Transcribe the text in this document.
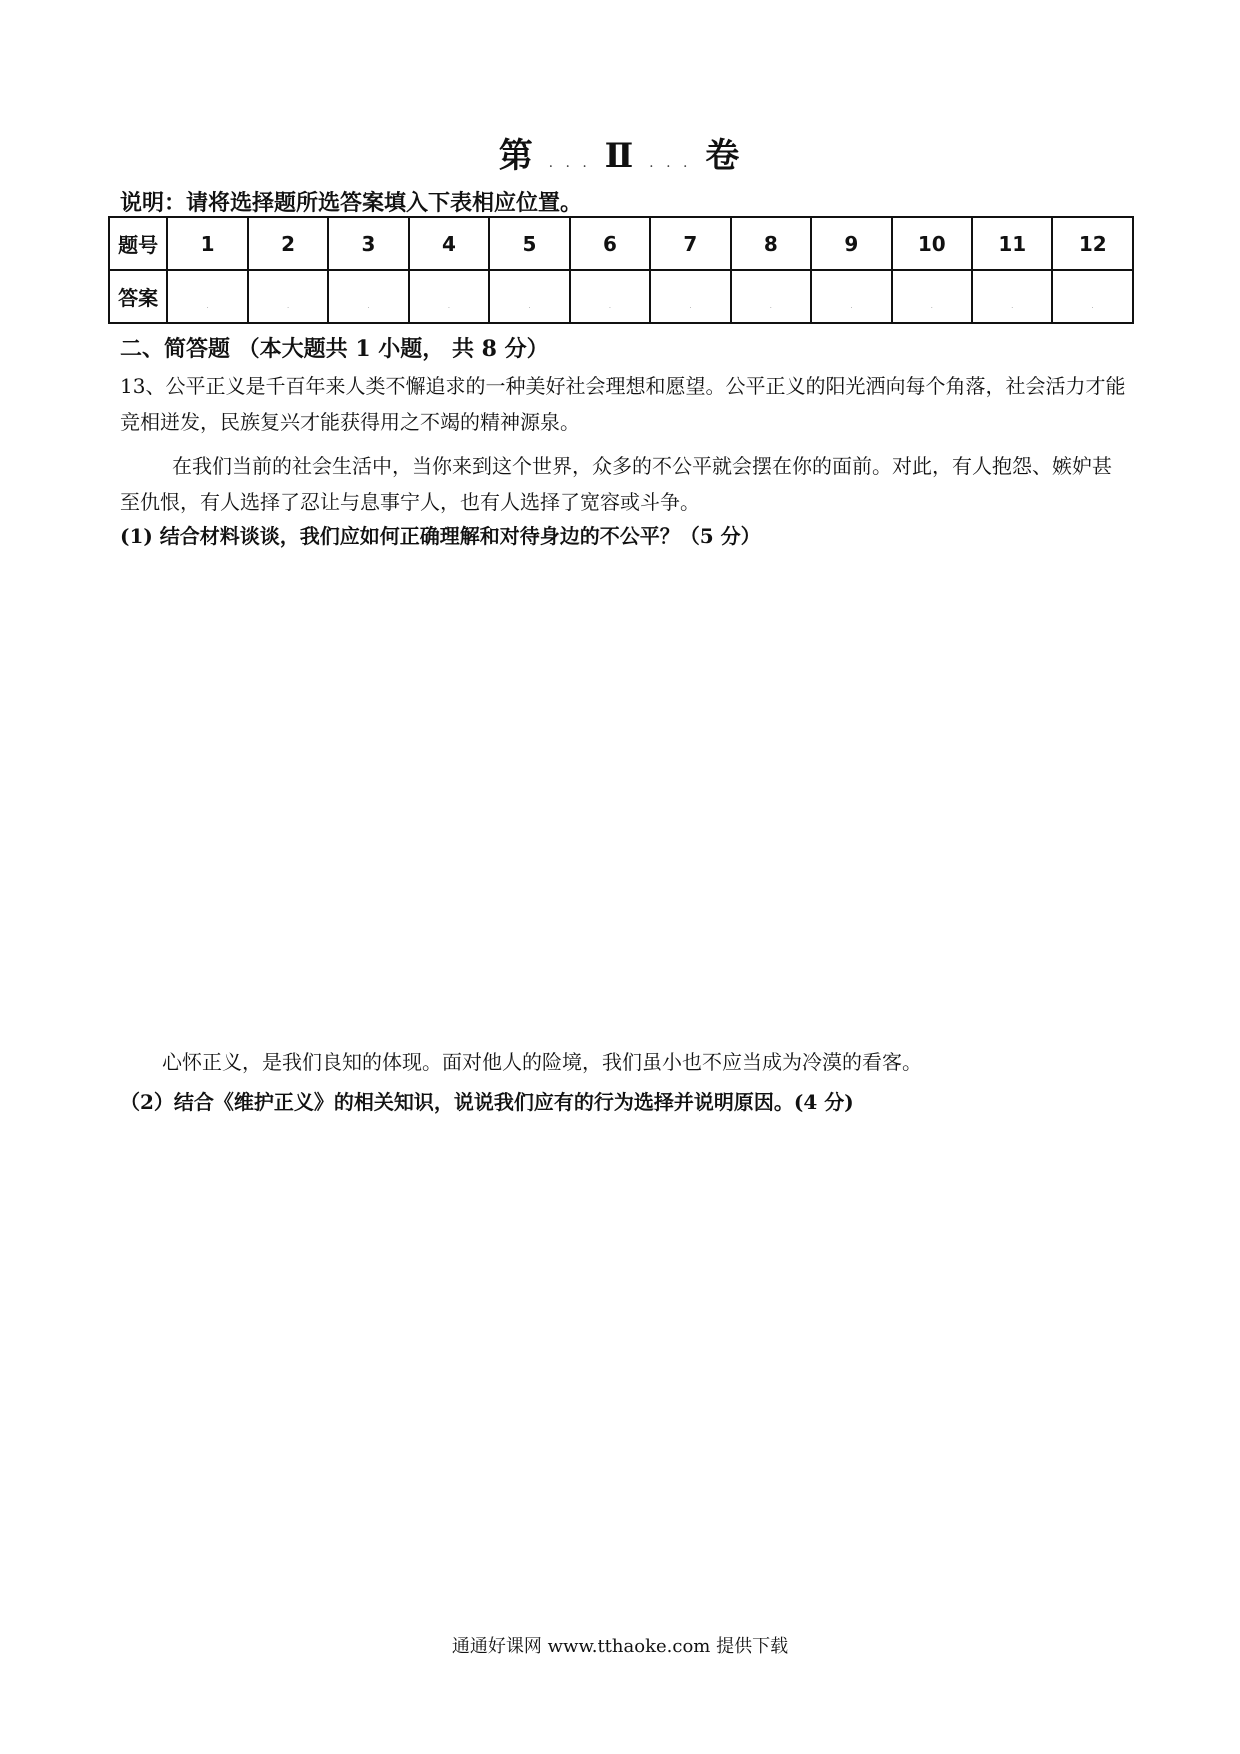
第 . . . Ⅱ . . . 卷
说明：请将选择题所选答案填入下表相应位置。
题号	1	2	3	4	5	6	7	8	9	10	11	12
答案	.	.	.	.	.	.	.	.	.	.	.	.
二、简答题 （本大题共 1 小题， 共 8 分）
13、公平正义是千百年来人类不懈追求的一种美好社会理想和愿望。公平正义的阳光洒向每个角落，社会活力才能竞相迸发，民族复兴才能获得用之不竭的精神源泉。
在我们当前的社会生活中，当你来到这个世界，众多的不公平就会摆在你的面前。对此，有人抱怨、嫉妒甚至仇恨，有人选择了忍让与息事宁人，也有人选择了宽容或斗争。
(1) 结合材料谈谈，我们应如何正确理解和对待身边的不公平？（5 分）
心怀正义，是我们良知的体现。面对他人的险境，我们虽小也不应当成为冷漠的看客。
（2）结合《维护正义》的相关知识，说说我们应有的行为选择并说明原因。(4 分)
通通好课网 www.tthaoke.com 提供下载
